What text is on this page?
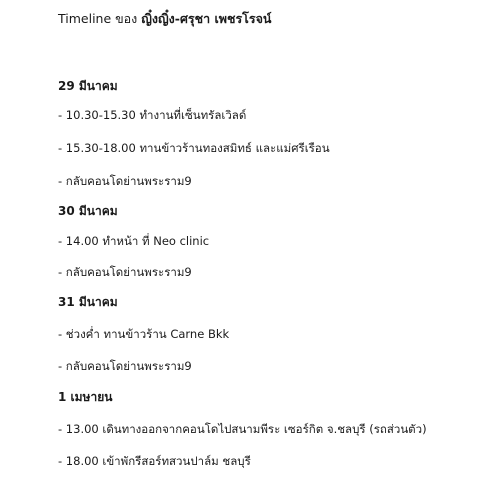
Timeline ของ ญิ๋งญิ๋ง-ศรุชา เพชรโรจน์
29 มีนาคม
- 10.30-15.30 ทำงานที่เซ็นทรัลเวิลด์
- 15.30-18.00 ทานข้าวร้านทองสมิทธ์ และแม่ศรีเรือน
- กลับคอนโดย่านพระราม9
30 มีนาคม
- 14.00 ทำหน้า ที่ Neo clinic
- กลับคอนโดย่านพระราม9
31 มีนาคม
- ช่วงค่ำ ทานข้าวร้าน Carne Bkk
- กลับคอนโดย่านพระราม9
1 เมษายน
- 13.00 เดินทางออกจากคอนโดไปสนามพีระ เซอร์กิต จ.ชลบุรี (รถส่วนตัว)
- 18.00 เข้าพักรีสอร์ทสวนปาล์ม ชลบุรี
